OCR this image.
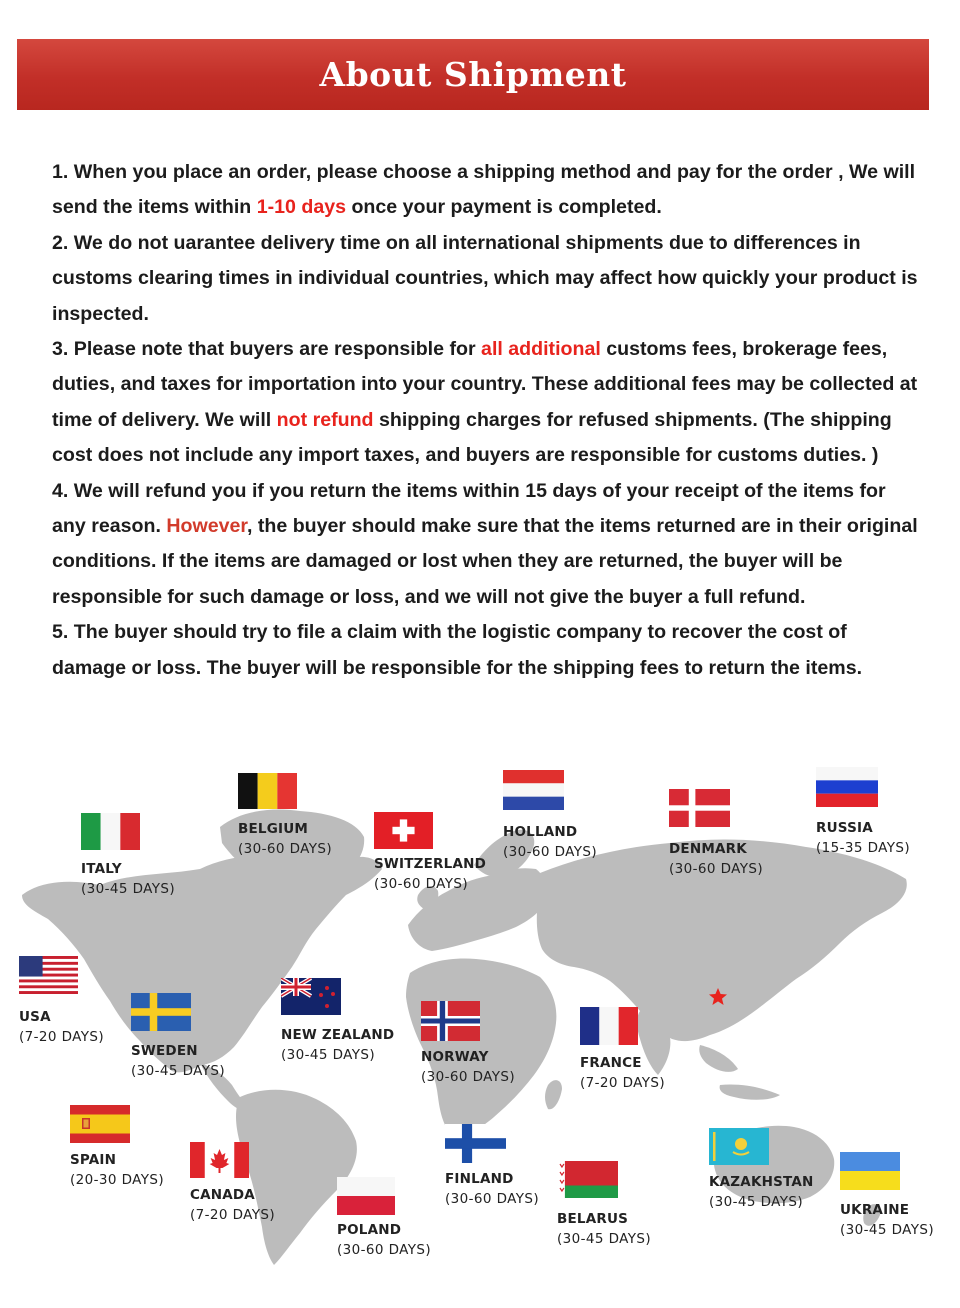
About Shipment

1. When you place an order, please choose a shipping method and pay for the order , We will send the items within 1-10 days once your payment is completed.

2. We do not uarantee delivery time on all international shipments due to differences in customs clearing times in individual countries, which may affect how quickly your product is inspected.

3. Please note that buyers are responsible for all additional customs fees, brokerage fees, duties, and taxes for importation into your country. These additional fees may be collected at time of delivery. We will not refund shipping charges for refused shipments. (The shipping cost does not include any import taxes, and buyers are responsible for customs duties. )

4. We will refund you if you return the items within 15 days of your receipt of the items for any reason. However, the buyer should make sure that the items returned are in their original conditions. If the items are damaged or lost when they are returned, the buyer will be responsible for such damage or loss, and we will not give the buyer a full refund.

5. The buyer should try to file a claim with the logistic company to recover the cost of damage or loss. The buyer will be responsible for the shipping fees to return the items.

BELGIUM
(30-60 DAYS)
ITALY
(30-45 DAYS)
SWITZERLAND
(30-60 DAYS)
HOLLAND
(30-60 DAYS)	DENMARK
(30-60 DAYS)
RUSSIA
(15-35 DAYS)
USA
(7-20 DAYS)
SWEDEN
(30-45 DAYS)
NEW ZEALAND
(30-45 DAYS)	NORWAY
(30-60 DAYS)
FRANCE
(7-20 DAYS)
SPAIN
(20-30 DAYS)
CANADA
(7-20 DAYS)
POLAND
(30-60 DAYS)
FINLAND
(30-60 DAYS)
BELARUS
(30-45 DAYS)
KAZAKHSTAN
(30-45 DAYS)	UKRAINE
(30-45 DAYS)
